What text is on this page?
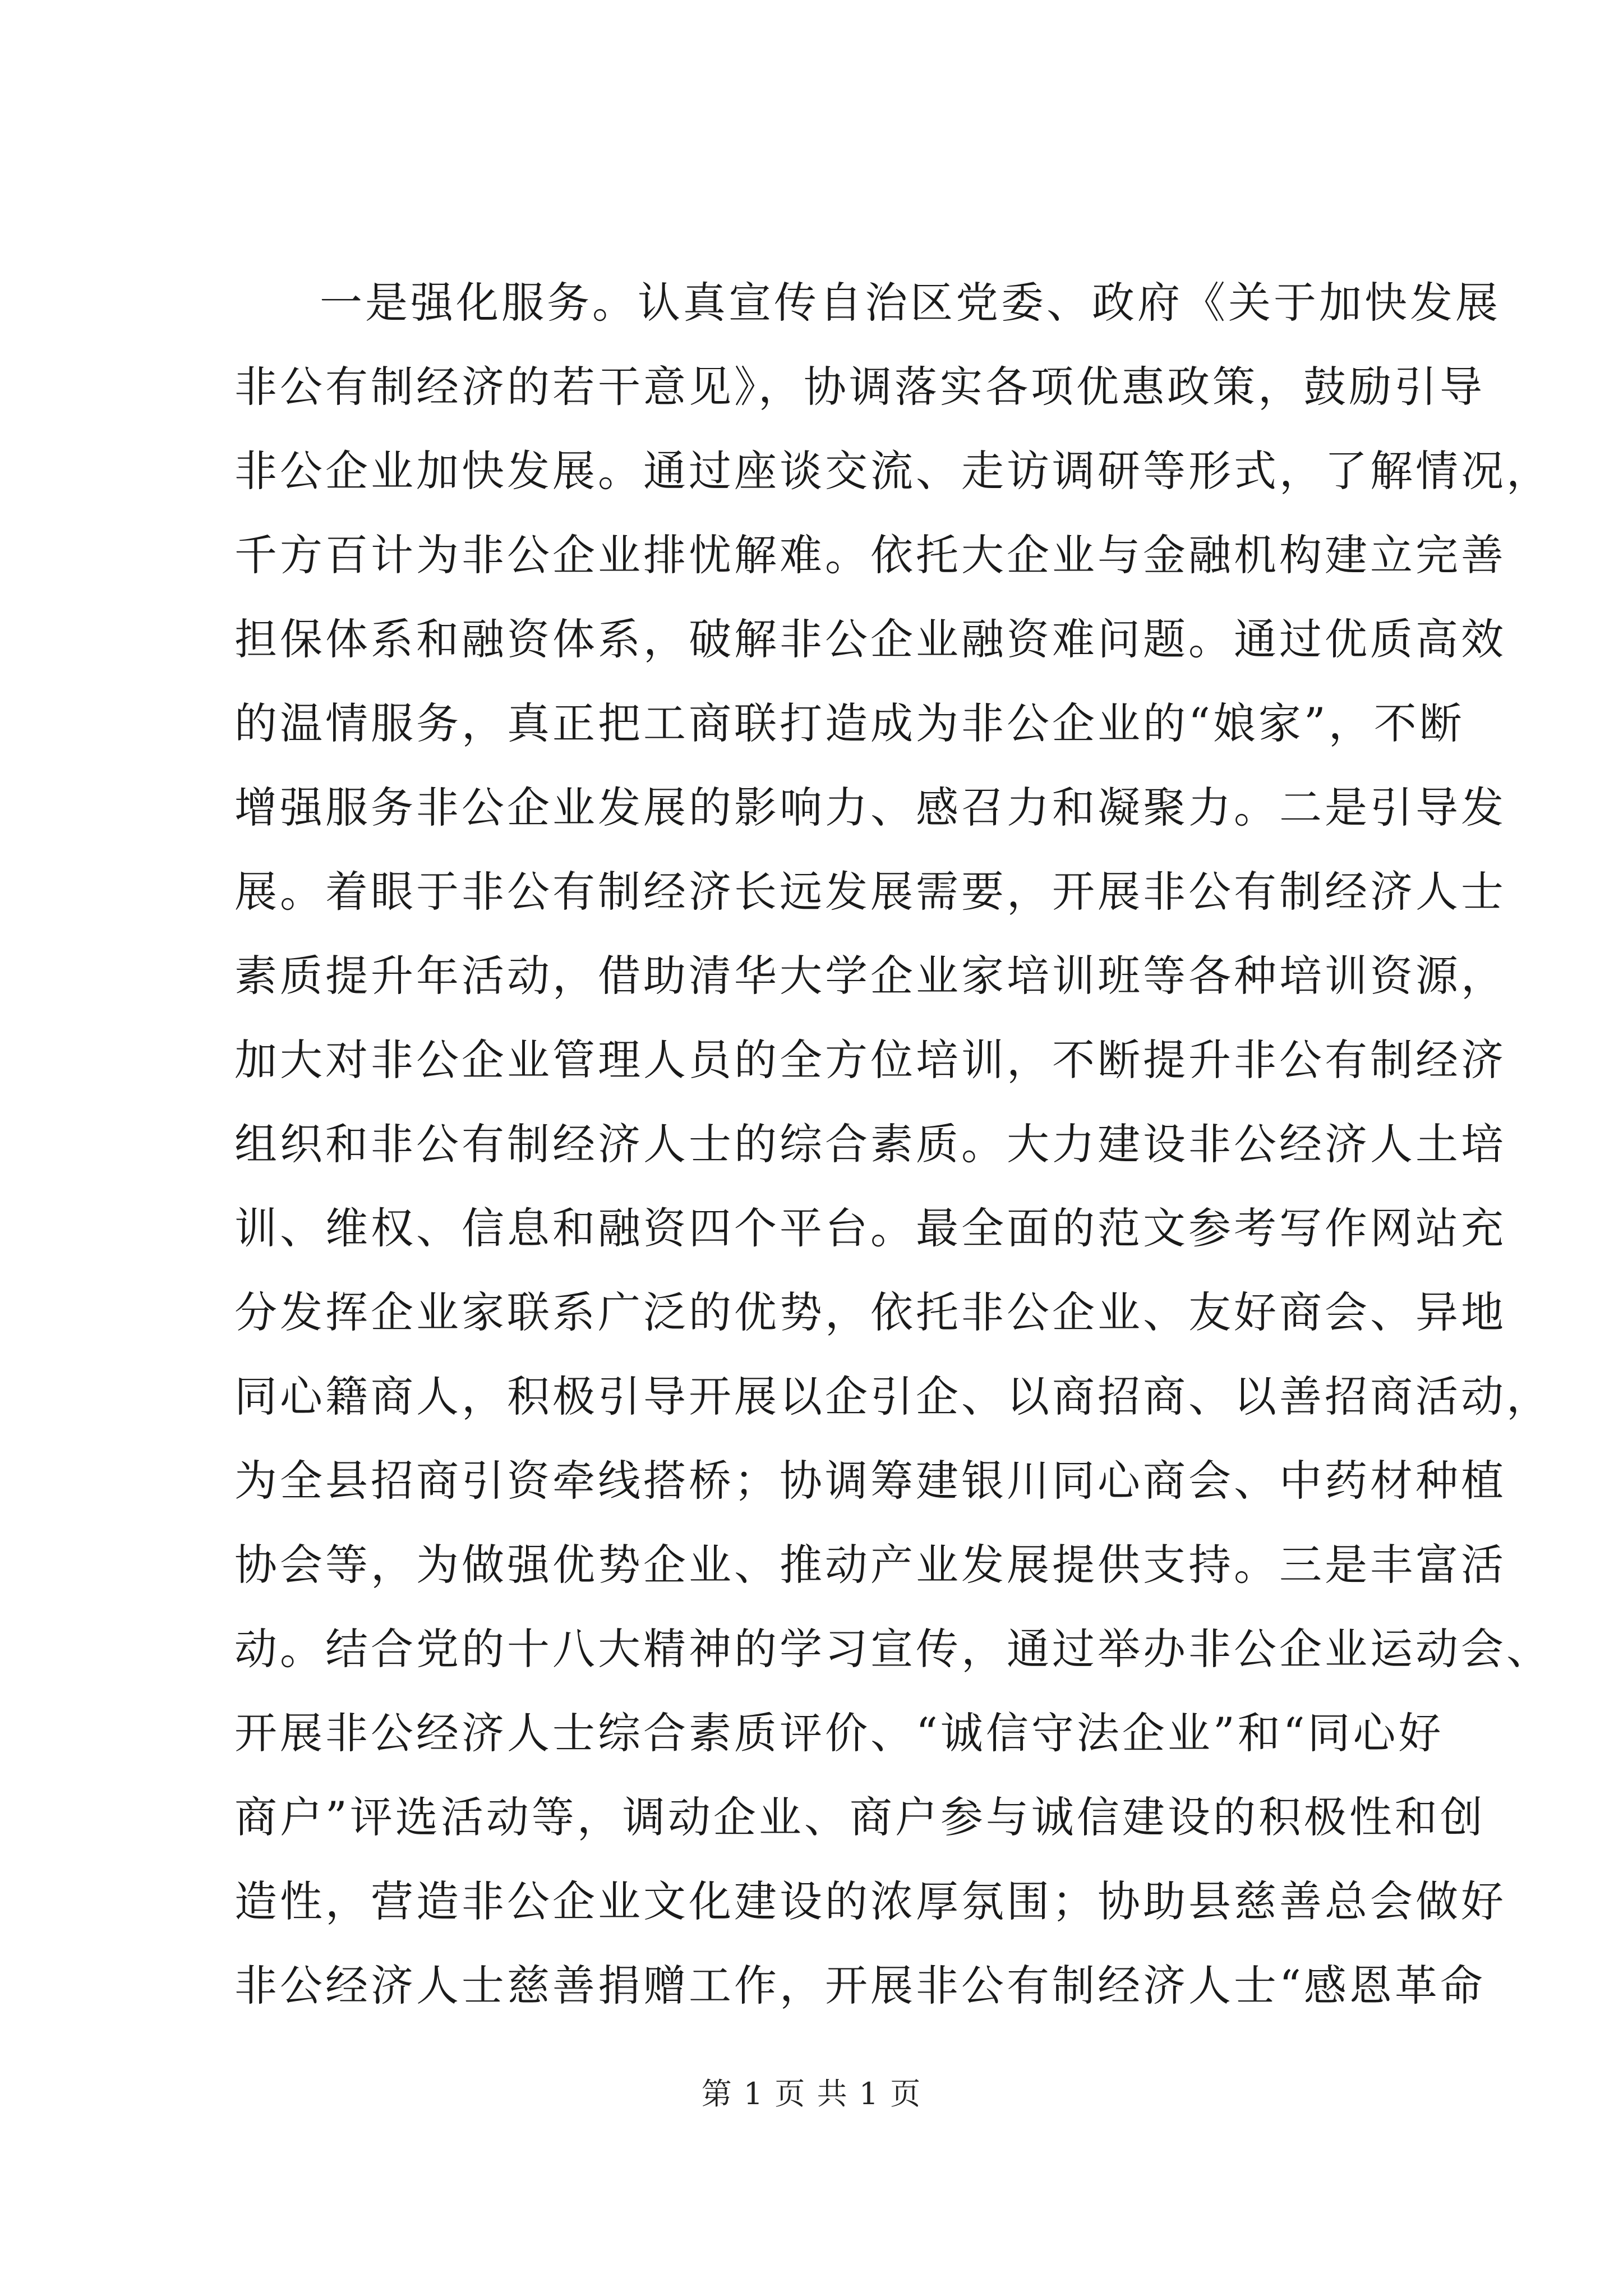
一是强化服务。认真宣传自治区党委、政府《关于加快发展
非公有制经济的若干意见》，协调落实各项优惠政策，鼓励引导
非公企业加快发展。通过座谈交流、走访调研等形式，了解情况，
千方百计为非公企业排忧解难。依托大企业与金融机构建立完善
担保体系和融资体系，破解非公企业融资难问题。通过优质高效
的温情服务，真正把工商联打造成为非公企业的“娘家”，不断
增强服务非公企业发展的影响力、感召力和凝聚力。二是引导发
展。着眼于非公有制经济长远发展需要，开展非公有制经济人士
素质提升年活动，借助清华大学企业家培训班等各种培训资源，
加大对非公企业管理人员的全方位培训，不断提升非公有制经济
组织和非公有制经济人士的综合素质。大力建设非公经济人土培
训、维权、信息和融资四个平台。最全面的范文参考写作网站充
分发挥企业家联系广泛的优势，依托非公企业、友好商会、异地
同心籍商人，积极引导开展以企引企、以商招商、以善招商活动，
为全县招商引资牵线搭桥；协调筹建银川同心商会、中药材种植
协会等，为做强优势企业、推动产业发展提供支持。三是丰富活
动。结合党的十八大精神的学习宣传，通过举办非公企业运动会、
开展非公经济人士综合素质评价、“诚信守法企业”和“同心好
商户”评选活动等，调动企业、商户参与诚信建设的积极性和创
造性，营造非公企业文化建设的浓厚氛围；协助县慈善总会做好
非公经济人士慈善捐赠工作，开展非公有制经济人士“感恩革命
第 1 页 共 1 页
